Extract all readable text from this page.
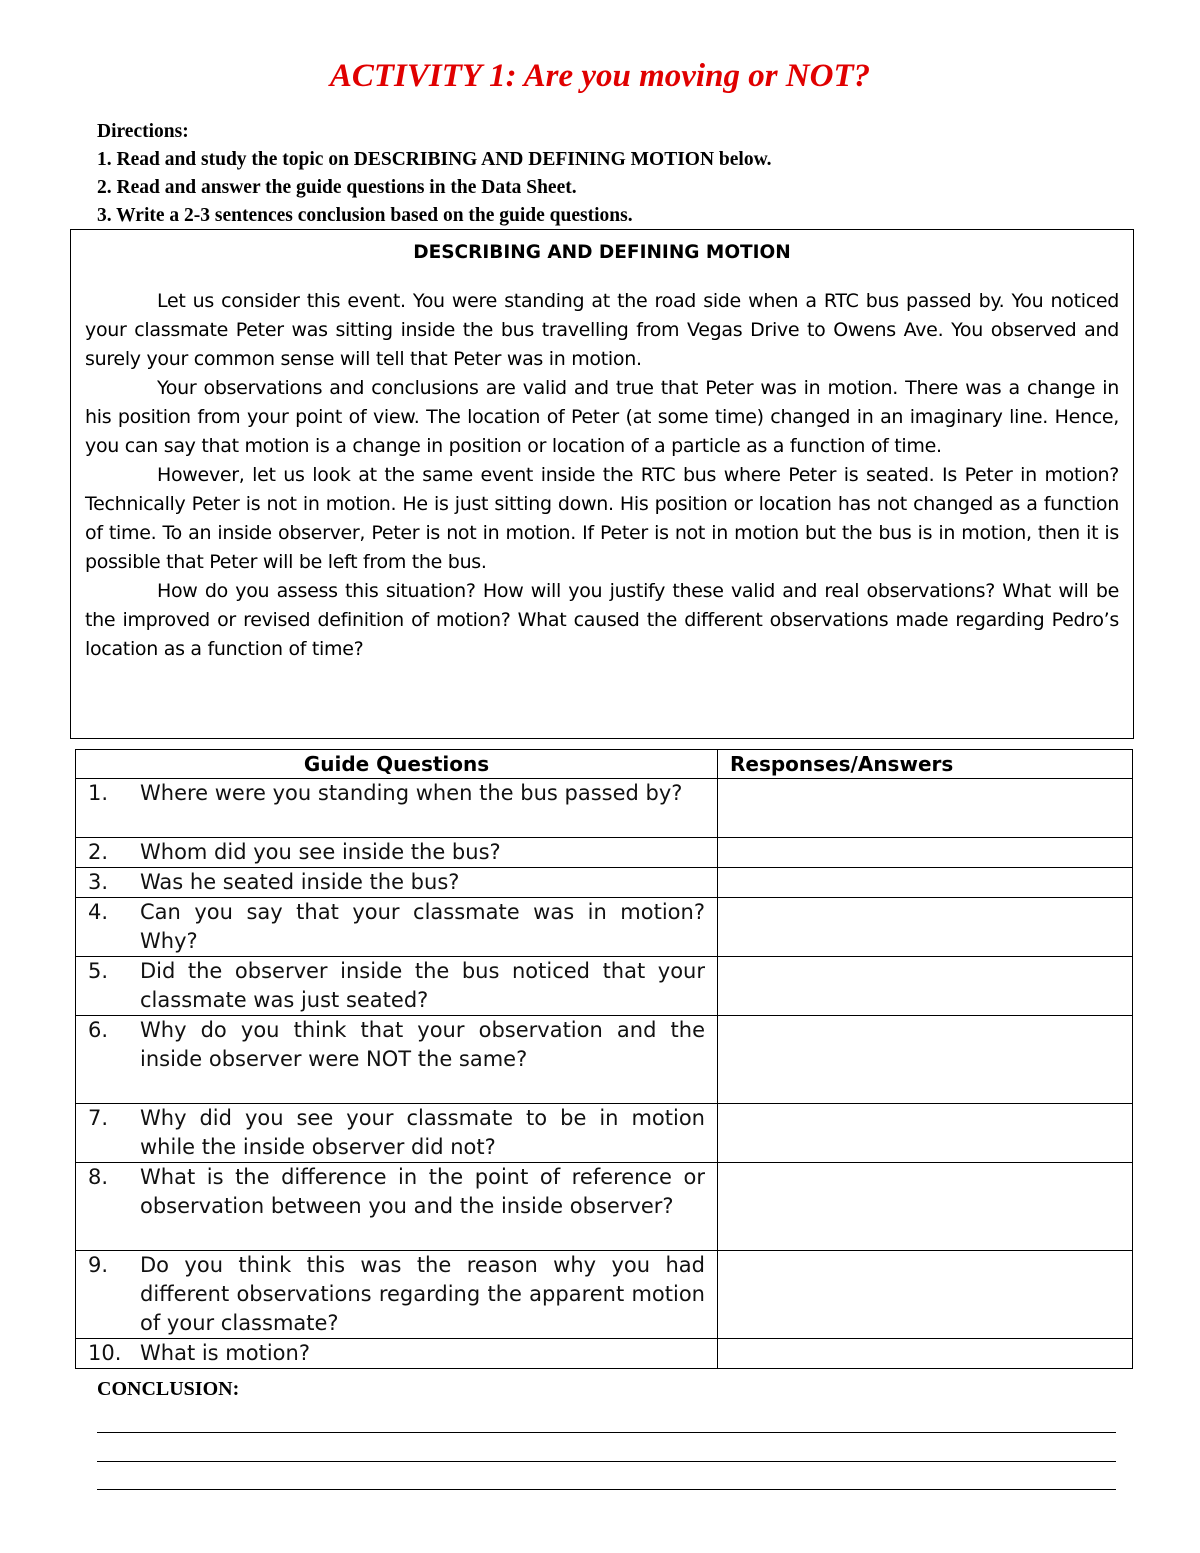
ACTIVITY 1: Are you moving or NOT?
Directions:
1. Read and study the topic on DESCRIBING AND DEFINING MOTION below.
2. Read and answer the guide questions in the Data Sheet.
3. Write a 2-3 sentences conclusion based on the guide questions.
DESCRIBING AND DEFINING MOTION

Let us consider this event. You were standing at the road side when a RTC bus passed by. You noticed your classmate Peter was sitting inside the bus travelling from Vegas Drive to Owens Ave. You observed and surely your common sense will tell that Peter was in motion.

Your observations and conclusions are valid and true that Peter was in motion. There was a change in his position from your point of view. The location of Peter (at some time) changed in an imaginary line. Hence, you can say that motion is a change in position or location of a particle as a function of time.

However, let us look at the same event inside the RTC bus where Peter is seated. Is Peter in motion? Technically Peter is not in motion. He is just sitting down. His position or location has not changed as a function of time. To an inside observer, Peter is not in motion. If Peter is not in motion but the bus is in motion, then it is possible that Peter will be left from the bus.

How do you assess this situation? How will you justify these valid and real observations? What will be the improved or revised definition of motion? What caused the different observations made regarding Pedro’s location as a function of time?

Guide Questions	Responses/Answers

1. Where were you standing when the bus passed by?	

2. Whom did you see inside the bus?	

3. Was he seated inside the bus?	

4. Can you say that your classmate was in motion? Why?	

5. Did the observer inside the bus noticed that your classmate was just seated?	

6. Why do you think that your observation and the inside observer were NOT the same?	

7. Why did you see your classmate to be in motion while the inside observer did not?	

8. What is the difference in the point of reference or observation between you and the inside observer?	

9. Do you think this was the reason why you had different observations regarding the apparent motion of your classmate?	

10. What is motion?	

CONCLUSION:
